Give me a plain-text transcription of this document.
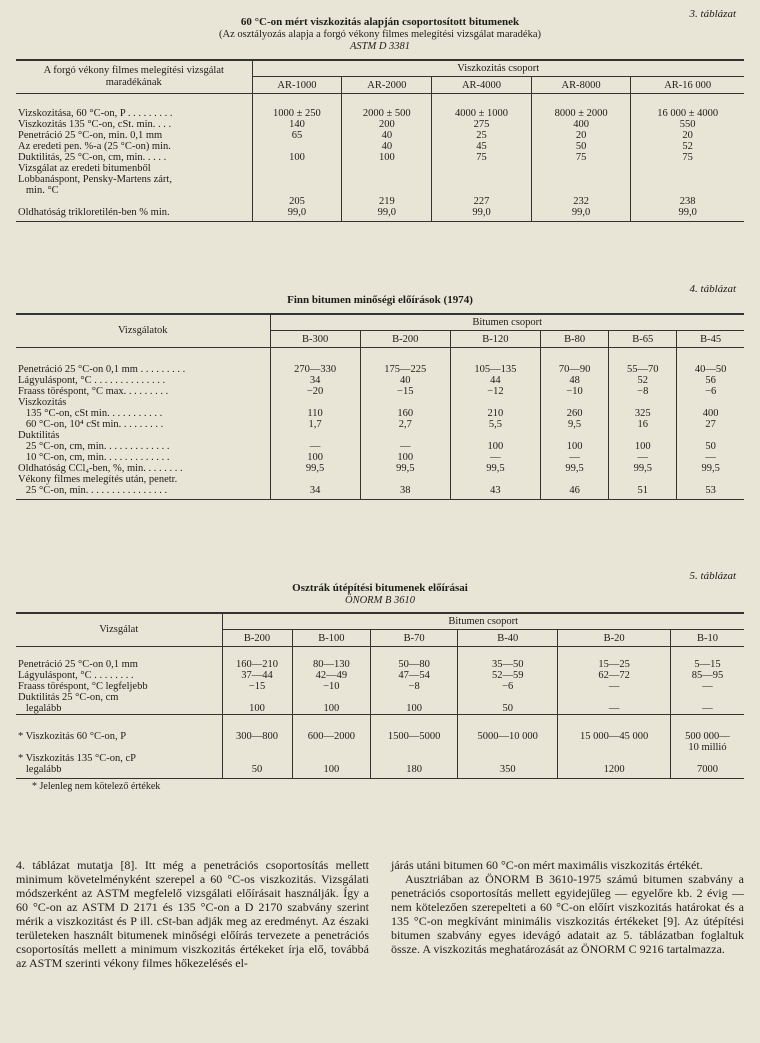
3. táblázat
60 °C-on mért viszkozitás alapján csoportosított bitumenek
(Az osztályozás alapja a forgó vékony filmes melegítési vizsgálat maradéka)
ASTM D 3381
A forgó vékony filmes melegítési vizsgálat maradékának	Viszkozitás csoport				
	AR-1000	AR-2000	AR-4000	AR-8000	AR-16 000
Vizskozitása, 60 °C-on, P . . . . . . . . .	1000 ± 250	2000 ± 500	4000 ± 1000	8000 ± 2000	16 000 ± 4000
Viszkozitás 135 °C-on, cSt. min. . . .	140	200	275	400	550
Penetráció 25 °C-on, min. 0,1 mm	65	40	25	20	20
Az eredeti pen. %-a (25 °C-on) min.		40	45	50	52
Duktilitás, 25 °C-on, cm, min. . . . .	100	100	75	75	75
Vizsgálat az eredeti bitumenből					
Lobbanáspont, Pensky-Martens zárt,					
min. °C					
	205	219	227	232	238
Oldhatóság trikloretilén-ben % min.	99,0	99,0	99,0	99,0	99,0
4. táblázat
Finn bitumen minőségi előírások (1974)
Vizsgálatok	Bitumen csoport					
	B-300	B-200	B-120	B-80	B-65	B-45
Penetráció 25 °C-on 0,1 mm . . . . . . . . .	270—330	175—225	105—135	70—90	55—70	40—50
Lágyuláspont, °C . . . . . . . . . . . . . .	34	40	44	48	52	56
Fraass töréspont, °C max. . . . . . . . .	−20	−15	−12	−10	−8	−6
Viszkozitás						
135 °C-on, cSt min. . . . . . . . . . .	110	160	210	260	325	400
60 °C-on, 10⁴ cSt min. . . . . . . . .	1,7	2,7	5,5	9,5	16	27
Duktilitás						
25 °C-on, cm, min. . . . . . . . . . . . .	—	—	100	100	100	50
10 °C-on, cm, min. . . . . . . . . . . . .	100	100	—	—	—	—
Oldhatóság CCl₄-ben, %, min. . . . . . . .	99,5	99,5	99,5	99,5	99,5	99,5
Vékony filmes melegítés után, penetr.						
25 °C-on, min. . . . . . . . . . . . . . . .	34	38	43	46	51	53
5. táblázat
Osztrák útépítési bitumenek előírásai
ÖNORM B 3610
Vizsgálat	Bitumen csoport					
	B-200	B-100	B-70	B-40	B-20	B-10
Penetráció 25 °C-on 0,1 mm	160—210	80—130	50—80	35—50	15—25	5—15
Lágyuláspont, °C . . . . . . . .	37—44	42—49	47—54	52—59	62—72	85—95
Fraass töréspont, °C legfeljebb	−15	−10	−8	−6	—	—
Duktilitás 25 °C-on, cm						
legalább	100	100	100	50	—	—
* Viszkozitás 60 °C-on, P	300—800	600—2000	1500—5000	5000—10 000	15 000—45 000	500 000—
						10 millió
* Viszkozitás 135 °C-on, cP						
legalább	50	100	180	350	1200	7000
* Jelenleg nem kötelező értékek

4. táblázat mutatja [8]. Itt még a penetrációs csoportosítás mellett minimum követelményként szerepel a 60 °C-os viszkozitás. Vizsgálati módszerként az ASTM megfelelő vizsgálati előírásait használják. Így a 60 °C-on az ASTM D 2171 és 135 °C-on a D 2170 szabvány szerint mérik a viszkozitást és P ill. cSt-ban adják meg az eredményt. Az északi területeken használt bitumenek minőségi előírás tervezete a penetrációs csoportosítás mellett a minimum viszkozitás értékeket írja elő, továbbá az ASTM szerinti vékony filmes hőkezelésés el-

járás utáni bitumen 60 °C-on mért maximális viszkozitás értékét.

Ausztriában az ÖNORM B 3610-1975 számú bitumen szabvány a penetrációs csoportosítás mellett egyidejűleg — egyelőre kb. 2 évig — nem kötelezően szerepelteti a 60 °C-on előírt viszkozitás határokat és a 135 °C-on megkívánt minimális viszkozitás értékeket [9]. Az útépítési bitumen szabvány egyes idevágó adatait az 5. táblázatban foglaltuk össze. A viszkozitás meghatározását az ÖNORM C 9216 tartalmazza.
